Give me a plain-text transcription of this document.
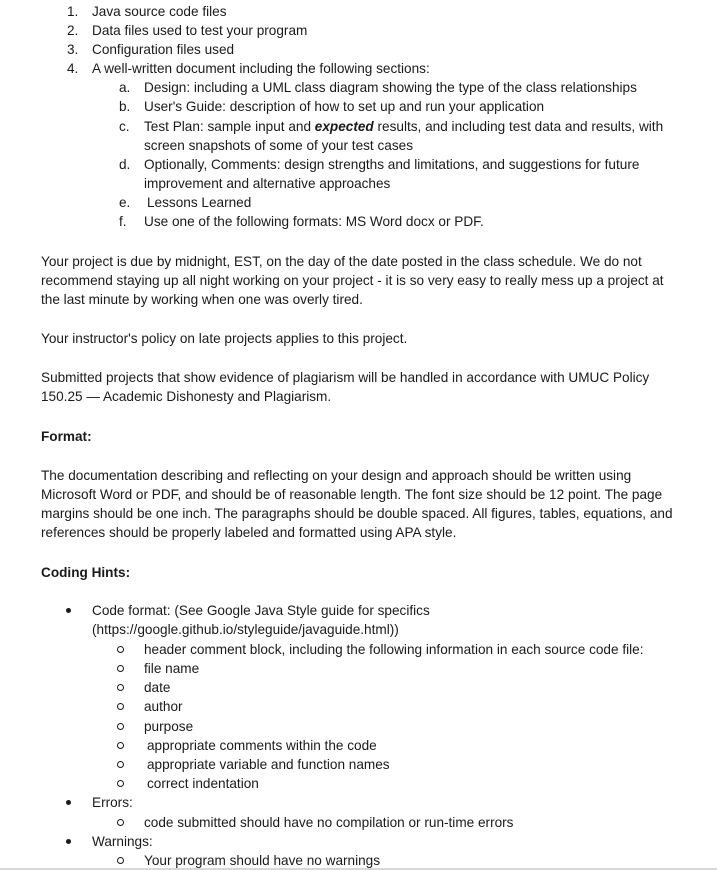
1. Java source code files
2. Data files used to test your program
3. Configuration files used
4. A well-written document including the following sections:
a. Design: including a UML class diagram showing the type of the class relationships
b. User's Guide: description of how to set up and run your application
c. Test Plan: sample input and expected results, and including test data and results, with
screen snapshots of some of your test cases
d. Optionally, Comments: design strengths and limitations, and suggestions for future
improvement and alternative approaches
e. Lessons Learned
f. Use one of the following formats: MS Word docx or PDF.
Your project is due by midnight, EST, on the day of the date posted in the class schedule. We do not
recommend staying up all night working on your project - it is so very easy to really mess up a project at
the last minute by working when one was overly tired.
Your instructor's policy on late projects applies to this project.
Submitted projects that show evidence of plagiarism will be handled in accordance with UMUC Policy
150.25 — Academic Dishonesty and Plagiarism.
Format:
The documentation describing and reflecting on your design and approach should be written using
Microsoft Word or PDF, and should be of reasonable length. The font size should be 12 point. The page
margins should be one inch. The paragraphs should be double spaced. All figures, tables, equations, and
references should be properly labeled and formatted using APA style.
Coding Hints:
Code format: (See Google Java Style guide for specifics
(https://google.github.io/styleguide/javaguide.html))
header comment block, including the following information in each source code file:
file name
date
author
purpose
appropriate comments within the code
appropriate variable and function names
correct indentation
Errors:
code submitted should have no compilation or run-time errors
Warnings:
Your program should have no warnings
